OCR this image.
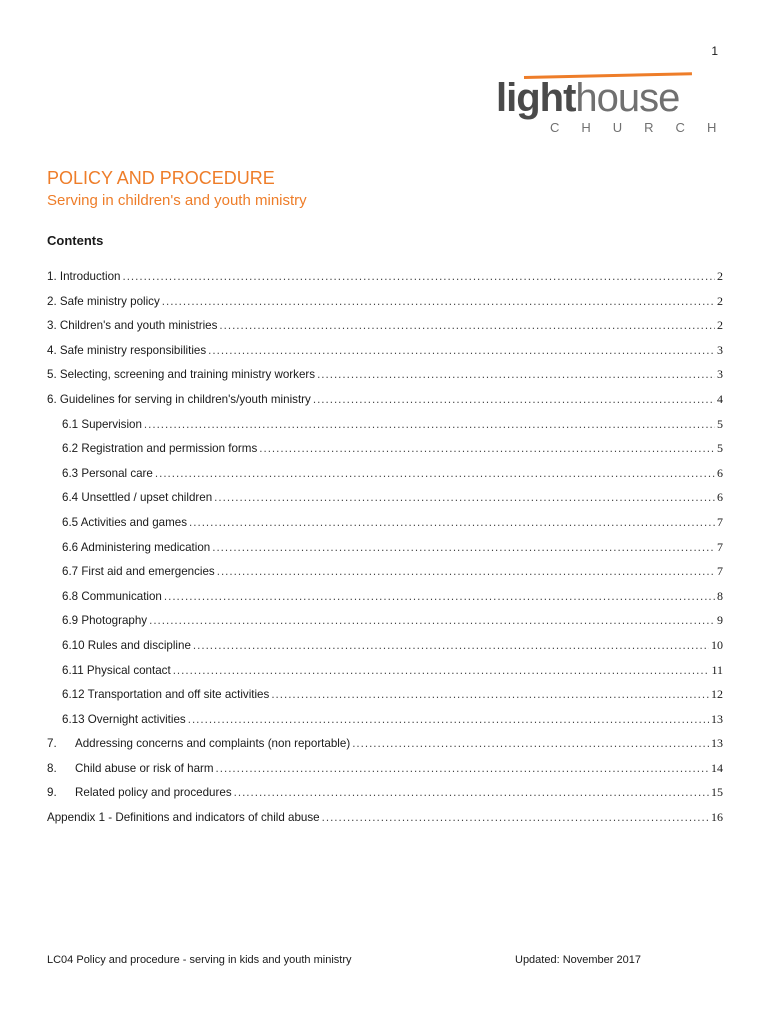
1
lighthouse
CHURCH
POLICY AND PROCEDURE
Serving in children's and youth ministry
Contents
1. Introduction .....	2
2. Safe ministry policy .....	2
3. Children's and youth ministries .....	2
4. Safe ministry responsibilities .....	3
5. Selecting, screening and training ministry workers .....	3
6. Guidelines for serving in children's/youth ministry .....	4
6.1 Supervision .....	5
6.2 Registration and permission forms .....	5
6.3 Personal care .....	6
6.4 Unsettled / upset children .....	6
6.5 Activities and games .....	7
6.6 Administering medication .....	7
6.7 First aid and emergencies .....	7
6.8 Communication .....	8
6.9 Photography .....	9
6.10 Rules and discipline .....	10
6.11 Physical contact .....	11
6.12 Transportation and off site activities .....	12
6.13 Overnight activities .....	13
7.	Addressing concerns and complaints (non reportable) .....	13
8.	Child abuse or risk of harm .....	14
9.	Related policy and procedures .....	15
Appendix 1 - Definitions and indicators of child abuse .....	16
LC04 Policy and procedure - serving in kids and youth ministry	Updated: November 2017
